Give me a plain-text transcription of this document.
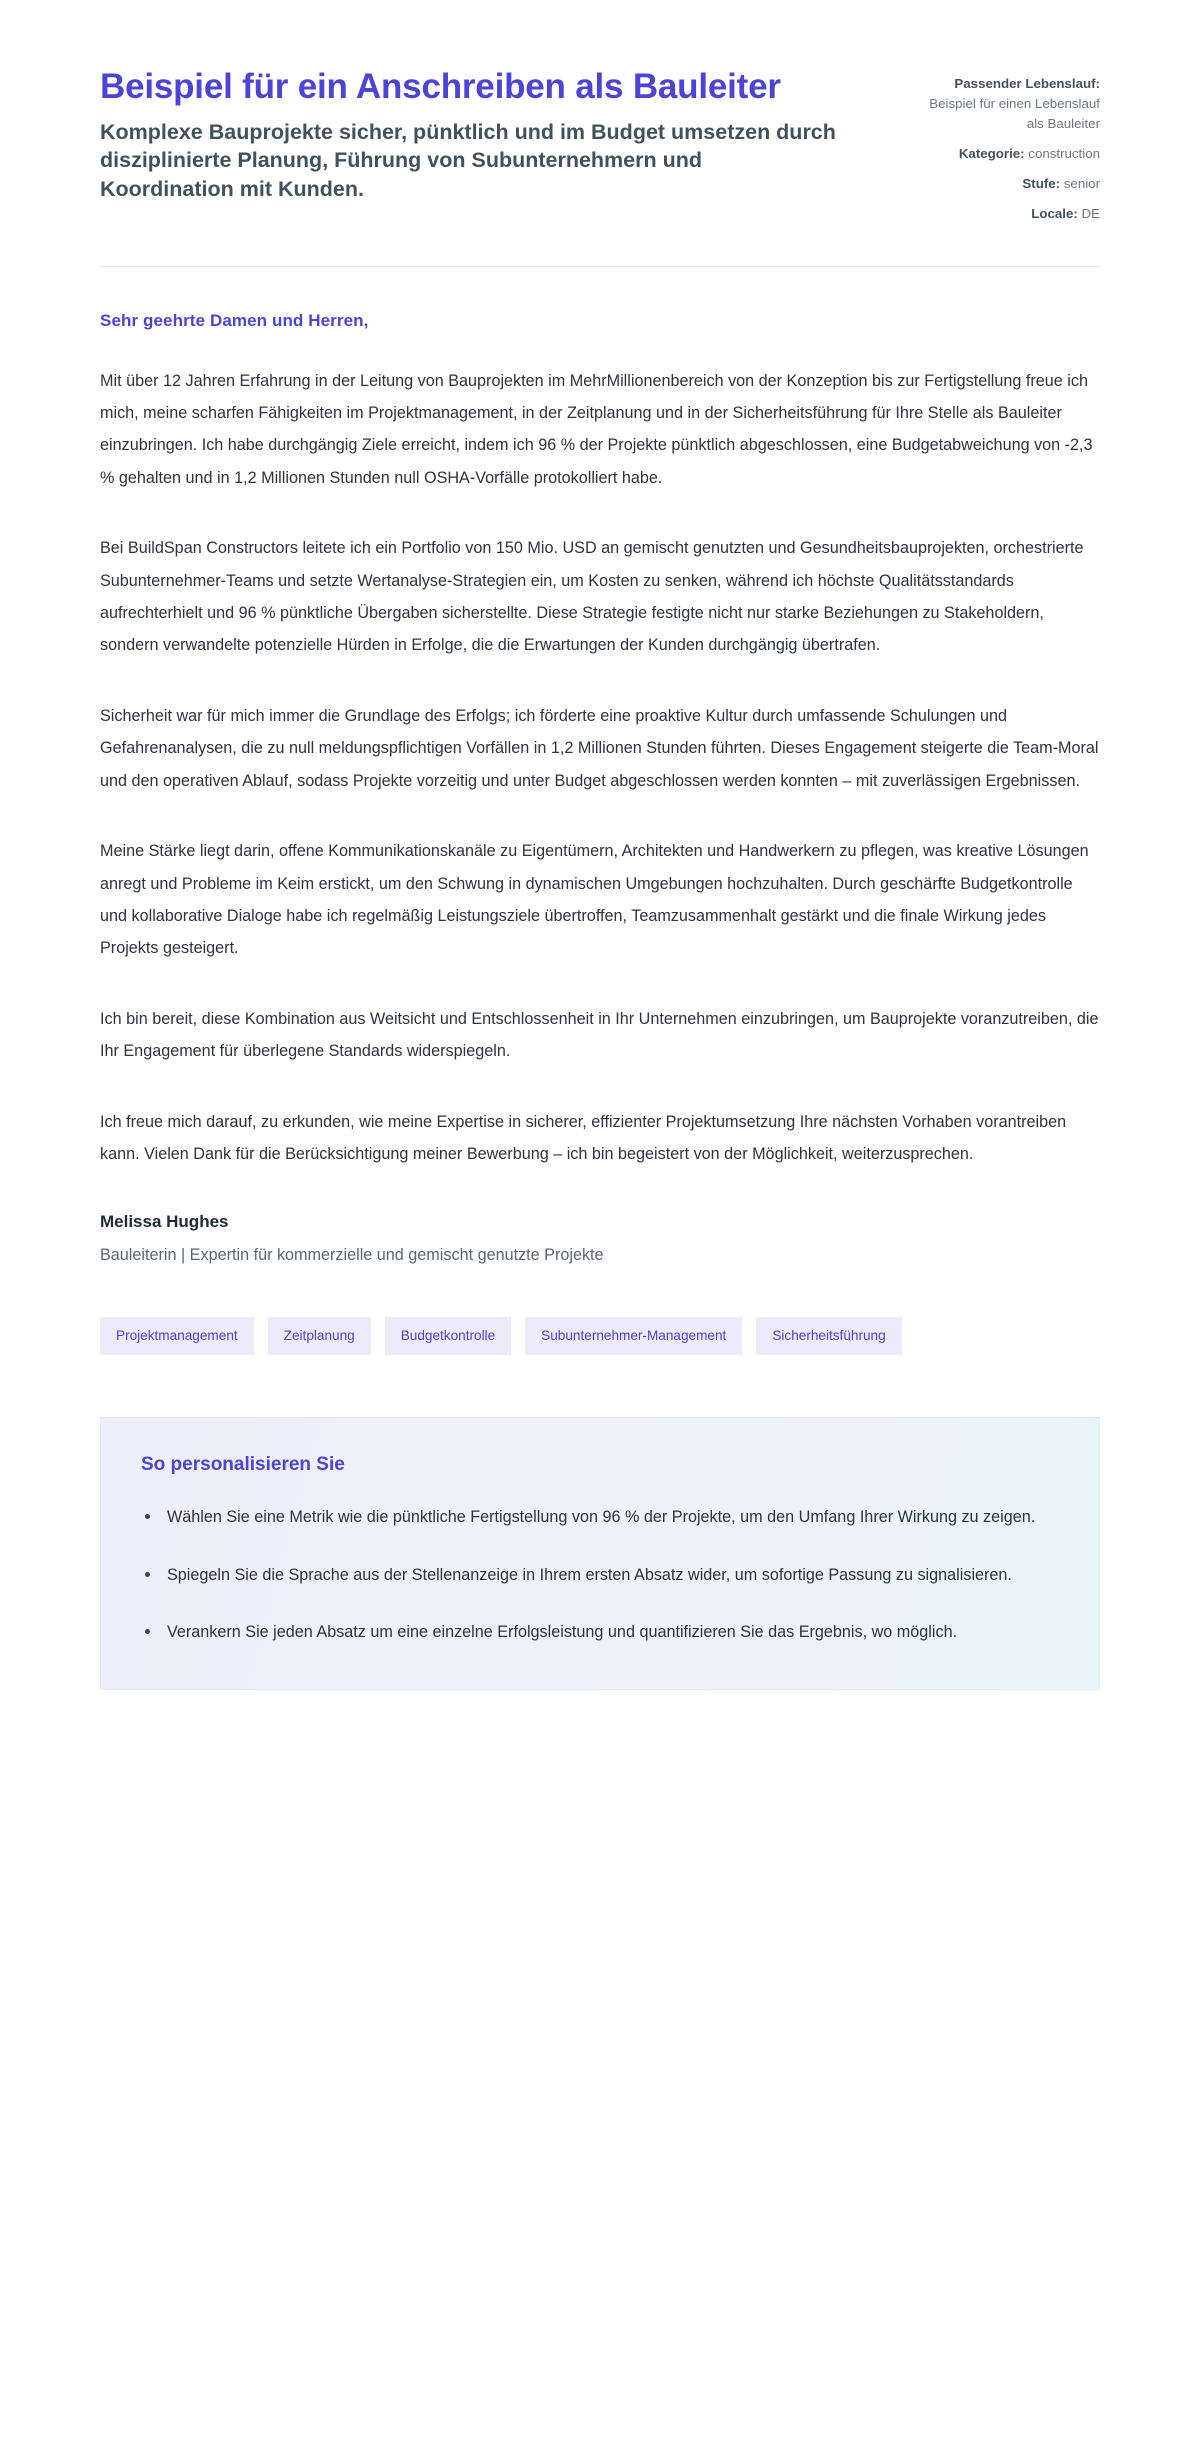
Beispiel für ein Anschreiben als Bauleiter

Komplexe Bauprojekte sicher, pünktlich und im Budget umsetzen durch disziplinierte Planung, Führung von Subunternehmern und Koordination mit Kunden.

Passender Lebenslauf: Beispiel für einen Lebenslauf als Bauleiter
Kategorie: construction
Stufe: senior
Locale: DE

Sehr geehrte Damen und Herren,

Mit über 12 Jahren Erfahrung in der Leitung von Bauprojekten im MehrMillionenbereich von der Konzeption bis zur Fertigstellung freue ich mich, meine scharfen Fähigkeiten im Projektmanagement, in der Zeitplanung und in der Sicherheitsführung für Ihre Stelle als Bauleiter einzubringen. Ich habe durchgängig Ziele erreicht, indem ich 96 % der Projekte pünktlich abgeschlossen, eine Budgetabweichung von -2,3 % gehalten und in 1,2 Millionen Stunden null OSHA-Vorfälle protokolliert habe.

Bei BuildSpan Constructors leitete ich ein Portfolio von 150 Mio. USD an gemischt genutzten und Gesundheitsbauprojekten, orchestrierte Subunternehmer-Teams und setzte Wertanalyse-Strategien ein, um Kosten zu senken, während ich höchste Qualitätsstandards aufrechterhielt und 96 % pünktliche Übergaben sicherstellte. Diese Strategie festigte nicht nur starke Beziehungen zu Stakeholdern, sondern verwandelte potenzielle Hürden in Erfolge, die die Erwartungen der Kunden durchgängig übertrafen.

Sicherheit war für mich immer die Grundlage des Erfolgs; ich förderte eine proaktive Kultur durch umfassende Schulungen und Gefahrenanalysen, die zu null meldungspflichtigen Vorfällen in 1,2 Millionen Stunden führten. Dieses Engagement steigerte die Team-Moral und den operativen Ablauf, sodass Projekte vorzeitig und unter Budget abgeschlossen werden konnten – mit zuverlässigen Ergebnissen.

Meine Stärke liegt darin, offene Kommunikationskanäle zu Eigentümern, Architekten und Handwerkern zu pflegen, was kreative Lösungen anregt und Probleme im Keim erstickt, um den Schwung in dynamischen Umgebungen hochzuhalten. Durch geschärfte Budgetkontrolle und kollaborative Dialoge habe ich regelmäßig Leistungsziele übertroffen, Teamzusammenhalt gestärkt und die finale Wirkung jedes Projekts gesteigert.

Ich bin bereit, diese Kombination aus Weitsicht und Entschlossenheit in Ihr Unternehmen einzubringen, um Bauprojekte voranzutreiben, die Ihr Engagement für überlegene Standards widerspiegeln.

Ich freue mich darauf, zu erkunden, wie meine Expertise in sicherer, effizienter Projektumsetzung Ihre nächsten Vorhaben vorantreiben kann. Vielen Dank für die Berücksichtigung meiner Bewerbung – ich bin begeistert von der Möglichkeit, weiterzusprechen.

Melissa Hughes

Bauleiterin | Expertin für kommerzielle und gemischt genutzte Projekte

Projektmanagement	Zeitplanung	Budgetkontrolle	Subunternehmer-Management	Sicherheitsführung
So personalisieren Sie
Wählen Sie eine Metrik wie die pünktliche Fertigstellung von 96 % der Projekte, um den Umfang Ihrer Wirkung zu zeigen.
Spiegeln Sie die Sprache aus der Stellenanzeige in Ihrem ersten Absatz wider, um sofortige Passung zu signalisieren.
Verankern Sie jeden Absatz um eine einzelne Erfolgsleistung und quantifizieren Sie das Ergebnis, wo möglich.
